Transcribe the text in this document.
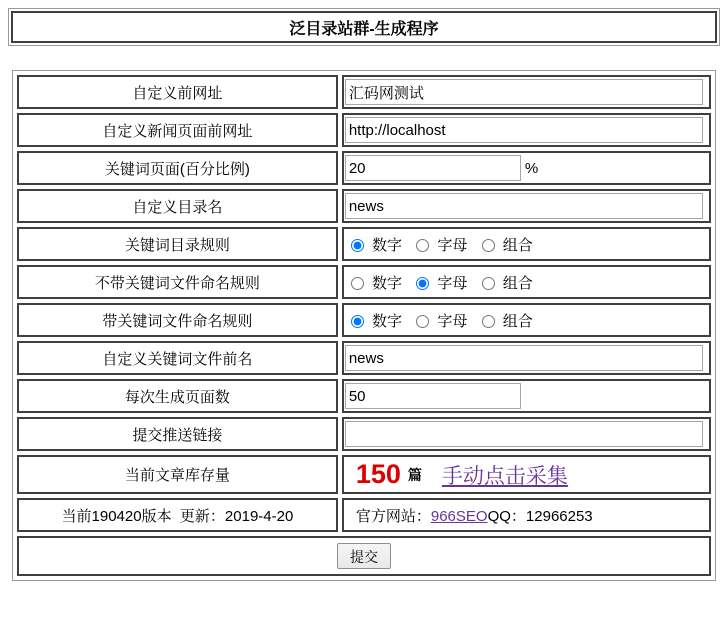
泛目录站群-生成程序
自定义前网址	汇码网测试
自定义新闻页面前网址	http://localhost
关键词页面(百分比例)	20%
自定义目录名	news
关键词目录规则	数字 字母 组合
不带关键词文件命名规则	数字 字母 组合
带关键词文件命名规则	数字 字母 组合
自定义关键词文件前名	news
每次生成页面数	50
提交推送链接	
当前文章库存量	150 篇 手动点击采集
当前190420版本  更新：2019-4-20	官方网站：966SEOQQ：12966253
提交	
